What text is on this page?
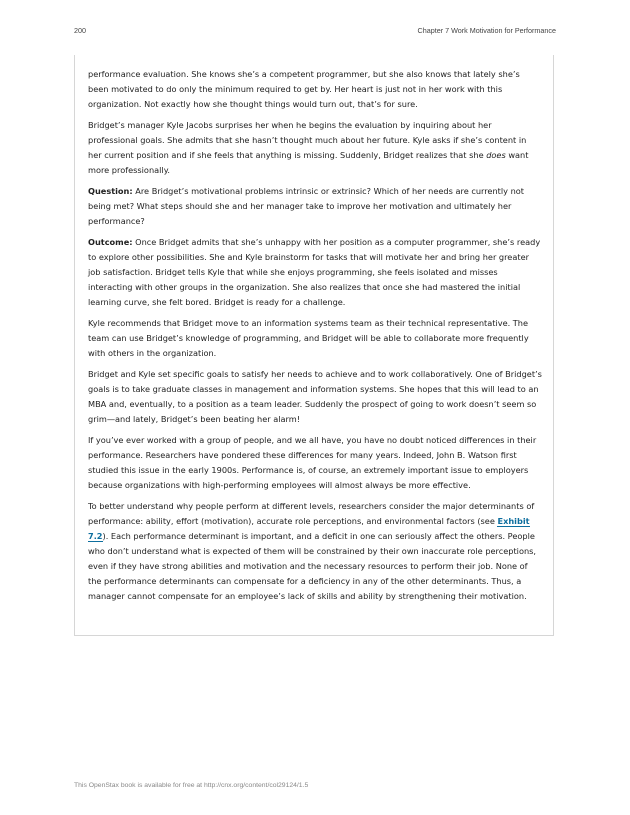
200	Chapter 7 Work Motivation for Performance

performance evaluation. She knows she’s a competent programmer, but she also knows that lately she’s been motivated to do only the minimum required to get by. Her heart is just not in her work with this organization. Not exactly how she thought things would turn out, that’s for sure.

Bridget’s manager Kyle Jacobs surprises her when he begins the evaluation by inquiring about her professional goals. She admits that she hasn’t thought much about her future. Kyle asks if she’s content in her current position and if she feels that anything is missing. Suddenly, Bridget realizes that she does want more professionally.

Question: Are Bridget’s motivational problems intrinsic or extrinsic? Which of her needs are currently not being met? What steps should she and her manager take to improve her motivation and ultimately her performance?

Outcome: Once Bridget admits that she’s unhappy with her position as a computer programmer, she’s ready to explore other possibilities. She and Kyle brainstorm for tasks that will motivate her and bring her greater job satisfaction. Bridget tells Kyle that while she enjoys programming, she feels isolated and misses interacting with other groups in the organization. She also realizes that once she had mastered the initial learning curve, she felt bored. Bridget is ready for a challenge.

Kyle recommends that Bridget move to an information systems team as their technical representative. The team can use Bridget’s knowledge of programming, and Bridget will be able to collaborate more frequently with others in the organization.

Bridget and Kyle set specific goals to satisfy her needs to achieve and to work collaboratively. One of Bridget’s goals is to take graduate classes in management and information systems. She hopes that this will lead to an MBA and, eventually, to a position as a team leader. Suddenly the prospect of going to work doesn’t seem so grim—and lately, Bridget’s been beating her alarm!

If you’ve ever worked with a group of people, and we all have, you have no doubt noticed differences in their performance. Researchers have pondered these differences for many years. Indeed, John B. Watson first studied this issue in the early 1900s. Performance is, of course, an extremely important issue to employers because organizations with high-performing employees will almost always be more effective.

To better understand why people perform at different levels, researchers consider the major determinants of performance: ability, effort (motivation), accurate role perceptions, and environmental factors (see Exhibit 7.2). Each performance determinant is important, and a deficit in one can seriously affect the others. People who don’t understand what is expected of them will be constrained by their own inaccurate role perceptions, even if they have strong abilities and motivation and the necessary resources to perform their job. None of the performance determinants can compensate for a deficiency in any of the other determinants. Thus, a manager cannot compensate for an employee’s lack of skills and ability by strengthening their motivation.

This OpenStax book is available for free at http://cnx.org/content/col29124/1.5
